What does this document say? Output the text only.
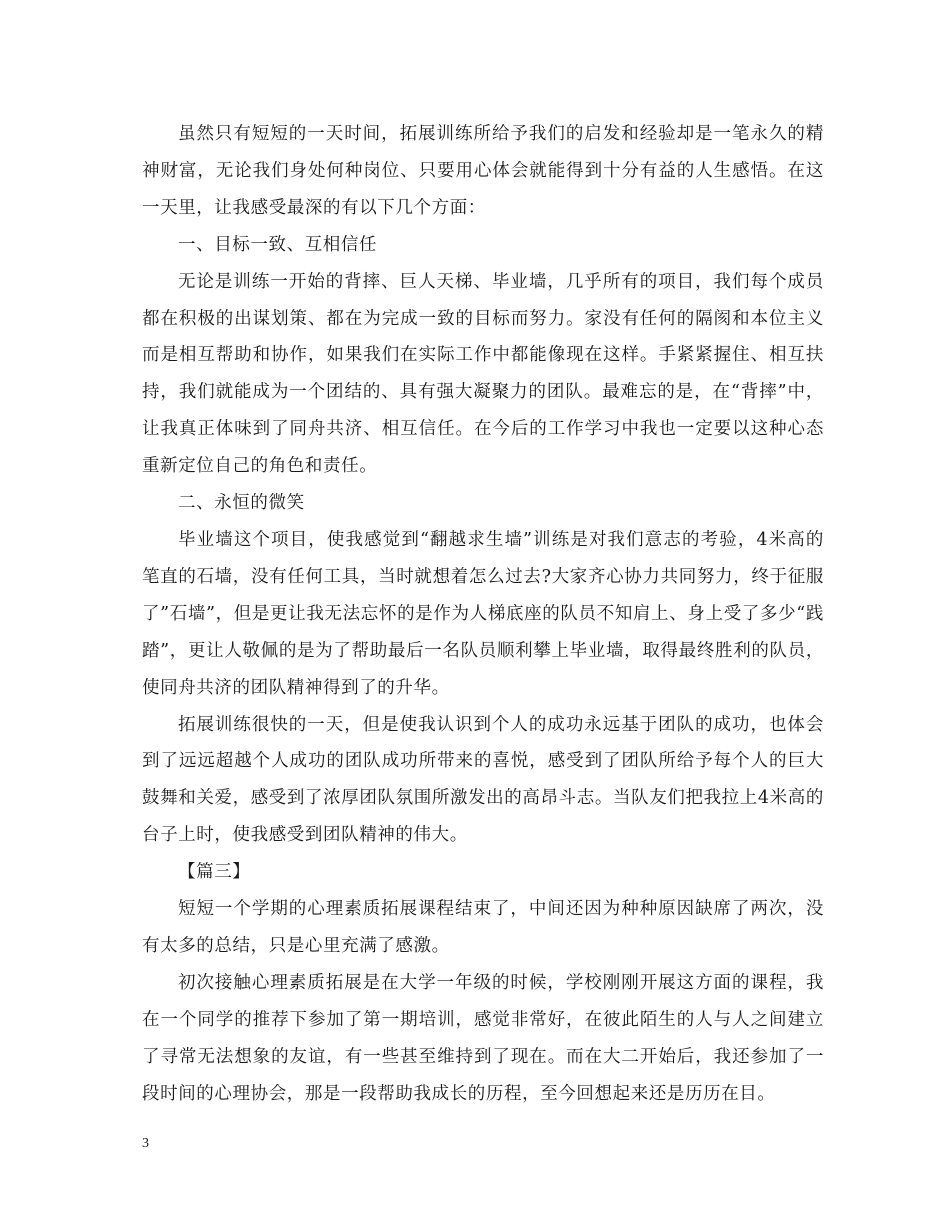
虽然只有短短的一天时间，拓展训练所给予我们的启发和经验却是一笔永久的精神财富，无论我们身处何种岗位、只要用心体会就能得到十分有益的人生感悟。在这一天里，让我感受最深的有以下几个方面：

一、目标一致、互相信任

无论是训练一开始的背摔、巨人天梯、毕业墙，几乎所有的项目，我们每个成员都在积极的出谋划策、都在为完成一致的目标而努力。家没有任何的隔阂和本位主义而是相互帮助和协作，如果我们在实际工作中都能像现在这样。手紧紧握住、相互扶持，我们就能成为一个团结的、具有强大凝聚力的团队。最难忘的是，在“背摔”中，让我真正体味到了同舟共济、相互信任。在今后的工作学习中我也一定要以这种心态重新定位自己的角色和责任。

二、永恒的微笑

毕业墙这个项目，使我感觉到“翻越求生墙”训练是对我们意志的考验，4米高的笔直的石墙，没有任何工具，当时就想着怎么过去?大家齐心协力共同努力，终于征服了”石墙”，但是更让我无法忘怀的是作为人梯底座的队员不知肩上、身上受了多少“践踏”，更让人敬佩的是为了帮助最后一名队员顺利攀上毕业墙，取得最终胜利的队员，使同舟共济的团队精神得到了的升华。

拓展训练很快的一天，但是使我认识到个人的成功永远基于团队的成功，也体会到了远远超越个人成功的团队成功所带来的喜悦，感受到了团队所给予每个人的巨大鼓舞和关爱，感受到了浓厚团队氛围所激发出的高昂斗志。当队友们把我拉上4米高的台子上时，使我感受到团队精神的伟大。

【篇三】

短短一个学期的心理素质拓展课程结束了，中间还因为种种原因缺席了两次，没有太多的总结，只是心里充满了感激。

初次接触心理素质拓展是在大学一年级的时候，学校刚刚开展这方面的课程，我在一个同学的推荐下参加了第一期培训，感觉非常好，在彼此陌生的人与人之间建立了寻常无法想象的友谊，有一些甚至维持到了现在。而在大二开始后，我还参加了一段时间的心理协会，那是一段帮助我成长的历程，至今回想起来还是历历在目。

3
